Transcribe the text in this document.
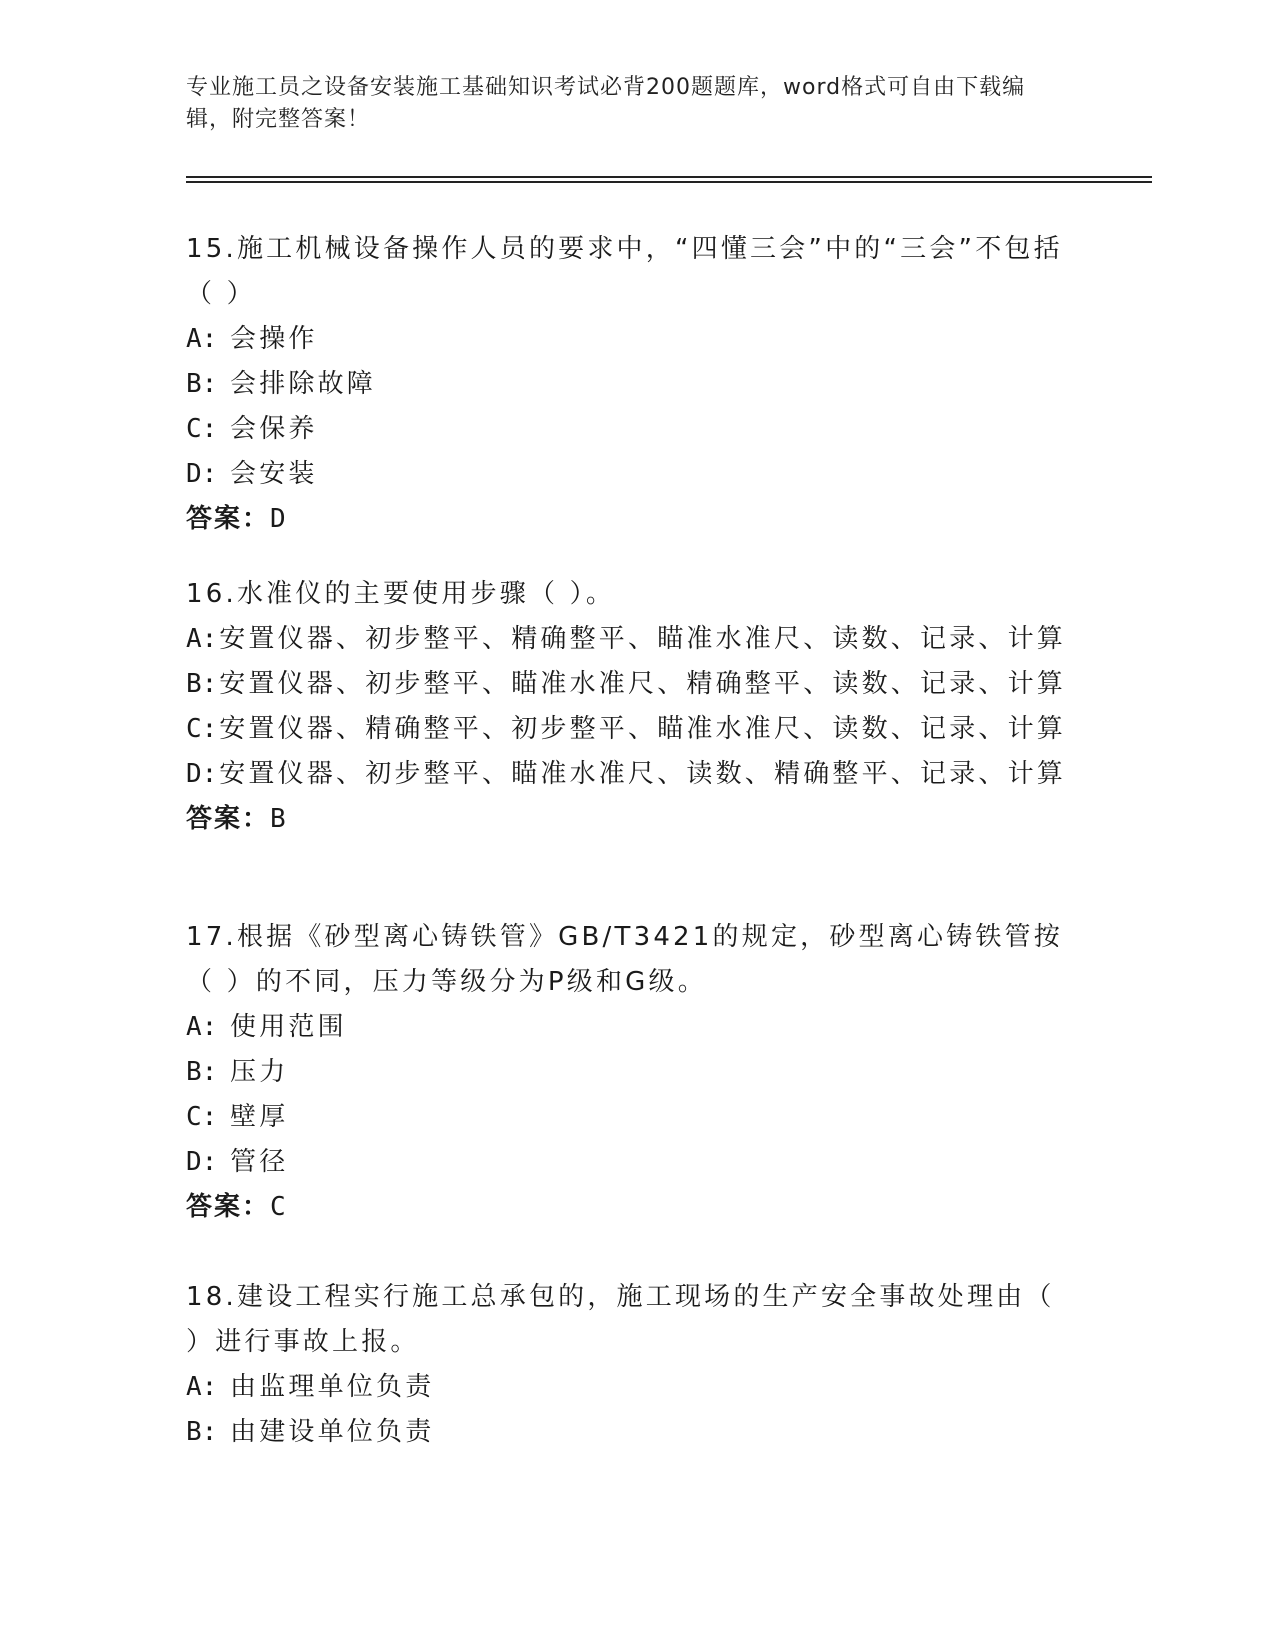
专业施工员之设备安装施工基础知识考试必背200题题库，word格式可自由下载编辑，附完整答案！
15.施工机械设备操作人员的要求中，“四懂三会”中的“三会”不包括（ ）
A: 会操作
B: 会排除故障
C: 会保养
D: 会安装
答案： D
16.水准仪的主要使用步骤（ ）。
A: 安置仪器、初步整平、精确整平、瞄准水准尺、读数、记录、计算
B: 安置仪器、初步整平、瞄准水准尺、精确整平、读数、记录、计算
C: 安置仪器、精确整平、初步整平、瞄准水准尺、读数、记录、计算
D: 安置仪器、初步整平、瞄准水准尺、读数、精确整平、记录、计算
答案： B
17.根据《砂型离心铸铁管》GB/T3421的规定，砂型离心铸铁管按（ ）的不同，压力等级分为P级和G级。
A: 使用范围
B: 压力
C: 壁厚
D: 管径
答案： C
18.建设工程实行施工总承包的，施工现场的生产安全事故处理由（ ）进行事故上报。
A: 由监理单位负责
B: 由建设单位负责
